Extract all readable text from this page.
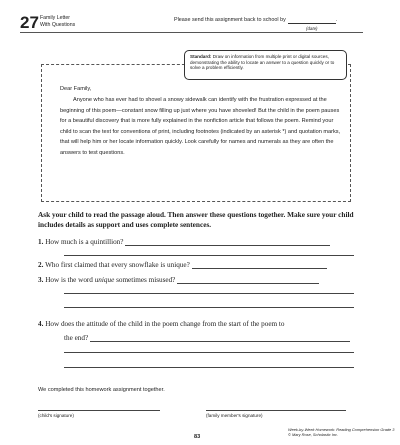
27 Family Letter
With Questions
Please send this assignment back to school by	.
(date)
Standard: Draw on information from multiple print or digital sources, demonstrating the ability to locate an answer to a question quickly or to solve a problem efficiently.
Dear Family,

Anyone who has ever had to shovel a snowy sidewalk can identify with the frustration expressed at the beginning of this poem—constant snow filling up just where you have shoveled! But the child in the poem pauses for a beautiful discovery that is more fully explained in the nonfiction article that follows the poem. Remind your child to scan the text for conventions of print, including footnotes (indicated by an asterisk *) and quotation marks, that will help him or her locate information quickly. Look carefully for names and numerals as they are often the answers to test questions.

Ask your child to read the passage aloud. Then answer these questions together. Make sure your child includes details as support and uses complete sentences.

1. How much is a quintillion?
2. Who first claimed that every snowflake is unique?
3. How is the word unique sometimes misused?
4. How does the attitude of the child in the poem change from the start of the poem to
the end?
We completed this homework assignment together.
(child's signature)	(family member's signature)
83
Week-by-Week Homework: Reading Comprehension Grade 3
© Mary Rose, Scholastic Inc.
